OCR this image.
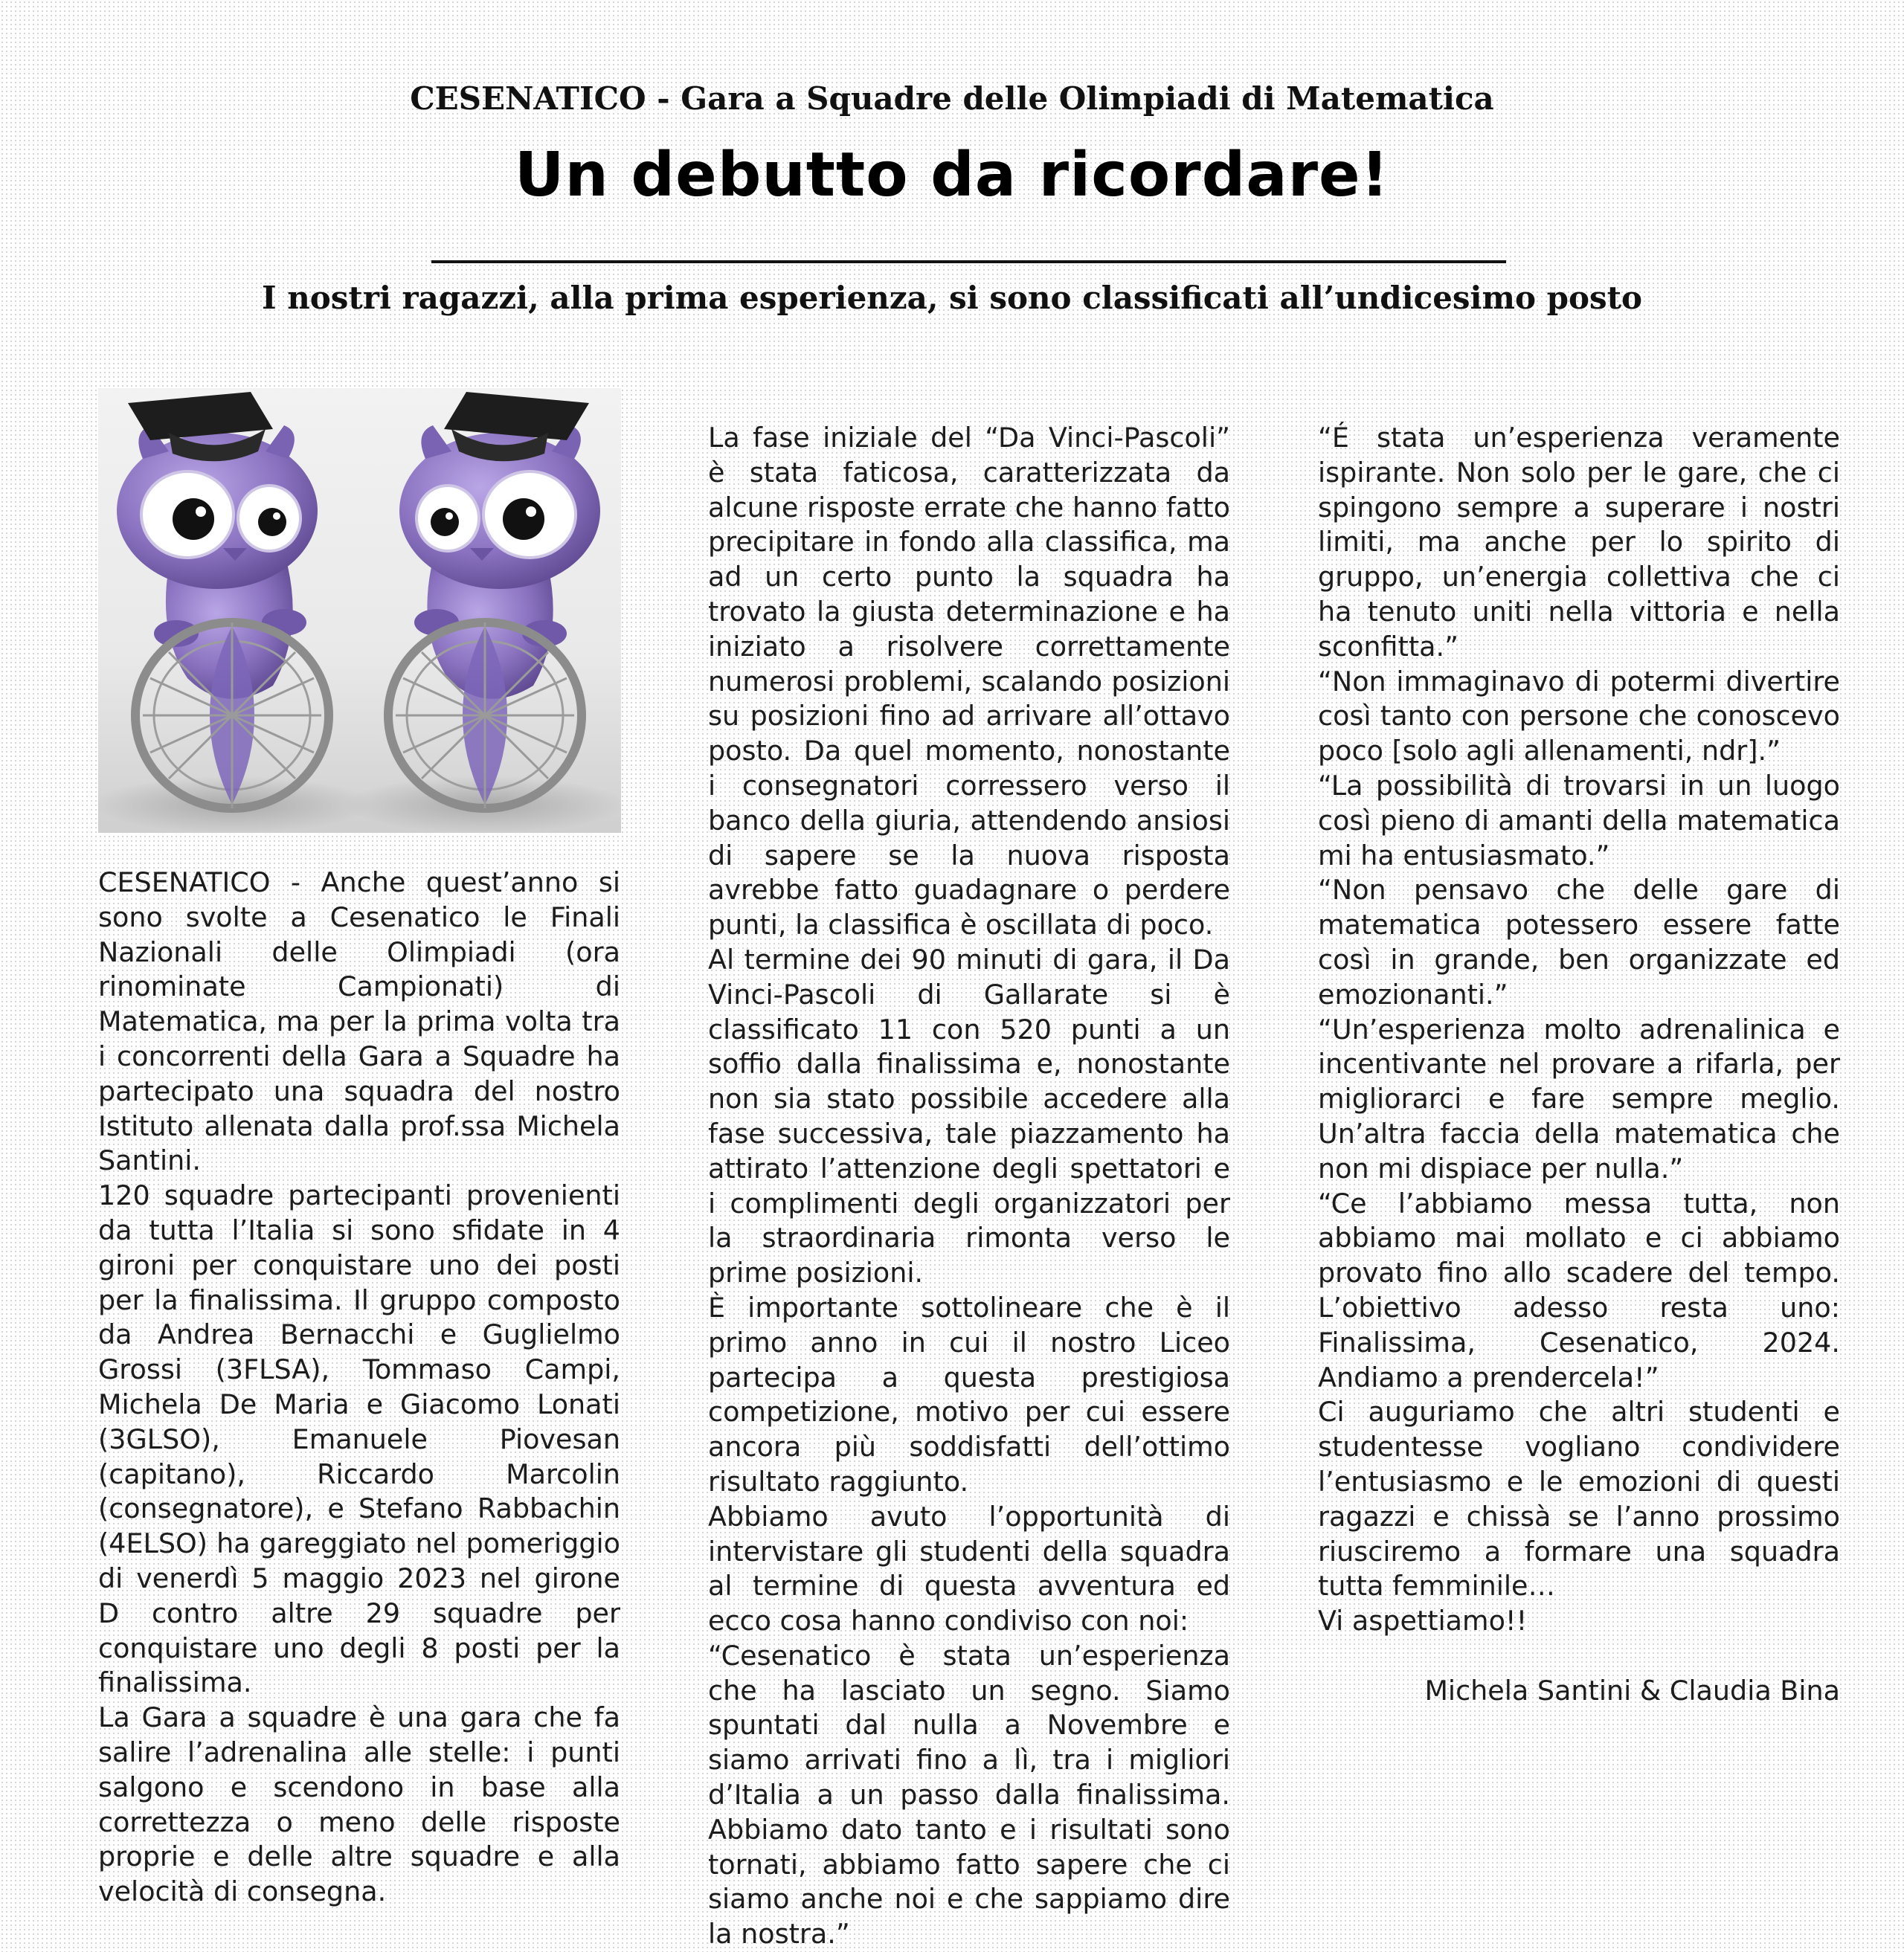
CESENATICO - Gara a Squadre delle Olimpiadi di Matematica
Un debutto da ricordare!
I nostri ragazzi, alla prima esperienza, si sono classificati all’undicesimo posto

CESENATICO - Anche quest’anno si sono svolte a Cesenatico le Finali Nazionali delle Olimpiadi (ora rinominate Campionati) di Matematica, ma per la prima volta tra i concorrenti della Gara a Squadre ha partecipato una squadra del nostro Istituto allenata dalla prof.ssa Michela Santini.

120 squadre partecipanti provenienti da tutta l’Italia si sono sfidate in 4 gironi per conquistare uno dei posti per la finalissima. Il gruppo composto da Andrea Bernacchi e Guglielmo Grossi (3FLSA), Tommaso Campi, Michela De Maria e Giacomo Lonati (3GLSO), Emanuele Piovesan (capitano), Riccardo Marcolin (consegnatore), e Stefano Rabbachin (4ELSO) ha gareggiato nel pomeriggio di venerdì 5 maggio 2023 nel girone D contro altre 29 squadre per conquistare uno degli 8 posti per la finalissima.

La Gara a squadre è una gara che fa salire l’adrenalina alle stelle: i punti salgono e scendono in base alla correttezza o meno delle risposte proprie e delle altre squadre e alla velocità di consegna.

La fase iniziale del “Da Vinci-Pascoli” è stata faticosa, caratterizzata da alcune risposte errate che hanno fatto precipitare in fondo alla classifica, ma ad un certo punto la squadra ha trovato la giusta determinazione e ha iniziato a risolvere correttamente numerosi problemi, scalando posizioni su posizioni fino ad arrivare all’ottavo posto. Da quel momento, nonostante i consegnatori corressero verso il banco della giuria, attendendo ansiosi di sapere se la nuova risposta avrebbe fatto guadagnare o perdere punti, la classifica è oscillata di poco.

Al termine dei 90 minuti di gara, il Da Vinci-Pascoli di Gallarate si è classificato 11 con 520 punti a un soffio dalla finalissima e, nonostante non sia stato possibile accedere alla fase successiva, tale piazzamento ha attirato l’attenzione degli spettatori e i complimenti degli organizzatori per la straordinaria rimonta verso le prime posizioni.

È importante sottolineare che è il primo anno in cui il nostro Liceo partecipa a questa prestigiosa competizione, motivo per cui essere ancora più soddisfatti dell’ottimo risultato raggiunto.

Abbiamo avuto l’opportunità di intervistare gli studenti della squadra al termine di questa avventura ed ecco cosa hanno condiviso con noi:

“Cesenatico è stata un’esperienza che ha lasciato un segno. Siamo spuntati dal nulla a Novembre e siamo arrivati fino a lì, tra i migliori d’Italia a un passo dalla finalissima. Abbiamo dato tanto e i risultati sono tornati, abbiamo fatto sapere che ci siamo anche noi e che sappiamo dire la nostra.”

“É stata un’esperienza veramente ispirante. Non solo per le gare, che ci spingono sempre a superare i nostri limiti, ma anche per lo spirito di gruppo, un’energia collettiva che ci ha tenuto uniti nella vittoria e nella sconfitta.”

“Non immaginavo di potermi divertire così tanto con persone che conoscevo poco [solo agli allenamenti, ndr].”

“La possibilità di trovarsi in un luogo così pieno di amanti della matematica mi ha entusiasmato.”

“Non pensavo che delle gare di matematica potessero essere fatte così in grande, ben organizzate ed emozionanti.”

“Un’esperienza molto adrenalinica e incentivante nel provare a rifarla, per migliorarci e fare sempre meglio. Un’altra faccia della matematica che non mi dispiace per nulla.”

“Ce l’abbiamo messa tutta, non abbiamo mai mollato e ci abbiamo provato fino allo scadere del tempo. L’obiettivo adesso resta uno: Finalissima, Cesenatico, 2024. Andiamo a prendercela!”

Ci auguriamo che altri studenti e studentesse vogliano condividere l’entusiasmo e le emozioni di questi ragazzi e chissà se l’anno prossimo riusciremo a formare una squadra tutta femminile…

Vi aspettiamo!!

Michela Santini & Claudia Bina
